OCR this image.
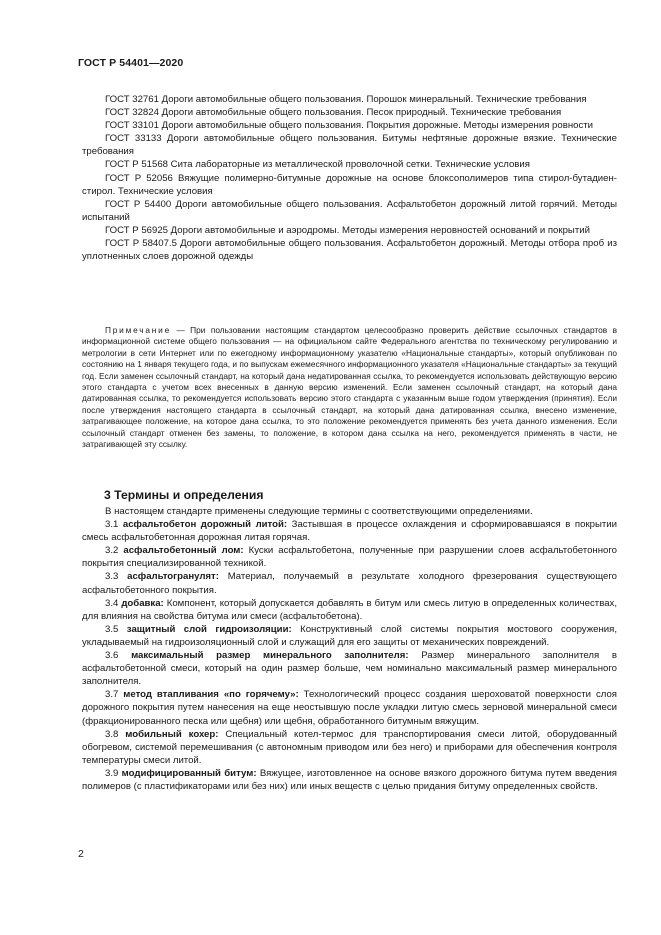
ГОСТ Р 54401—2020

ГОСТ 32761 Дороги автомобильные общего пользования. Порошок минеральный. Технические требования

ГОСТ 32824 Дороги автомобильные общего пользования. Песок природный. Технические требования

ГОСТ 33101 Дороги автомобильные общего пользования. Покрытия дорожные. Методы измерения ровности

ГОСТ 33133 Дороги автомобильные общего пользования. Битумы нефтяные дорожные вязкие. Технические требования

ГОСТ Р 51568 Сита лабораторные из металлической проволочной сетки. Технические условия

ГОСТ Р 52056 Вяжущие полимерно-битумные дорожные на основе блоксополимеров типа стирол-бутадиен-стирол. Технические условия

ГОСТ Р 54400 Дороги автомобильные общего пользования. Асфальтобетон дорожный литой горячий. Методы испытаний

ГОСТ Р 56925 Дороги автомобильные и аэродромы. Методы измерения неровностей оснований и покрытий

ГОСТ Р 58407.5 Дороги автомобильные общего пользования. Асфальтобетон дорожный. Методы отбора проб из уплотненных слоев дорожной одежды

Примечание — При пользовании настоящим стандартом целесообразно проверить действие ссылочных стандартов в информационной системе общего пользования — на официальном сайте Федерального агентства по техническому регулированию и метрологии в сети Интернет или по ежегодному информационному указателю «Национальные стандарты», который опубликован по состоянию на 1 января текущего года, и по выпускам ежемесячного информационного указателя «Национальные стандарты» за текущий год. Если заменен ссылочный стандарт, на который дана недатированная ссылка, то рекомендуется использовать действующую версию этого стандарта с учетом всех внесенных в данную версию изменений. Если заменен ссылочный стандарт, на который дана датированная ссылка, то рекомендуется использовать версию этого стандарта с указанным выше годом утверждения (принятия). Если после утверждения настоящего стандарта в ссылочный стандарт, на который дана датированная ссылка, внесено изменение, затрагивающее положение, на которое дана ссылка, то это положение рекомендуется применять без учета данного изменения. Если ссылочный стандарт отменен без замены, то положение, в котором дана ссылка на него, рекомендуется применять в части, не затрагивающей эту ссылку.

3 Термины и определения

В настоящем стандарте применены следующие термины с соответствующими определениями.

3.1 асфальтобетон дорожный литой: Застывшая в процессе охлаждения и сформировавшаяся в покрытии смесь асфальтобетонная дорожная литая горячая.

3.2 асфальтобетонный лом: Куски асфальтобетона, полученные при разрушении слоев асфальтобетонного покрытия специализированной техникой.

3.3 асфальтогранулят: Материал, получаемый в результате холодного фрезерования существующего асфальтобетонного покрытия.

3.4 добавка: Компонент, который допускается добавлять в битум или смесь литую в определенных количествах, для влияния на свойства битума или смеси (асфальтобетона).

3.5 защитный слой гидроизоляции: Конструктивный слой системы покрытия мостового сооружения, укладываемый на гидроизоляционный слой и служащий для его защиты от механических повреждений.

3.6 максимальный размер минерального заполнителя: Размер минерального заполнителя в асфальтобетонной смеси, который на один размер больше, чем номинально максимальный размер минерального заполнителя.

3.7 метод втапливания «по горячему»: Технологический процесс создания шероховатой поверхности слоя дорожного покрытия путем нанесения на еще неостывшую после укладки литую смесь зерновой минеральной смеси (фракционированного песка или щебня) или щебня, обработанного битумным вяжущим.

3.8 мобильный кохер: Специальный котел-термос для транспортирования смеси литой, оборудованный обогревом, системой перемешивания (с автономным приводом или без него) и приборами для обеспечения контроля температуры смеси литой.

3.9 модифицированный битум: Вяжущее, изготовленное на основе вязкого дорожного битума путем введения полимеров (с пластификаторами или без них) или иных веществ с целью придания битуму определенных свойств.

2
